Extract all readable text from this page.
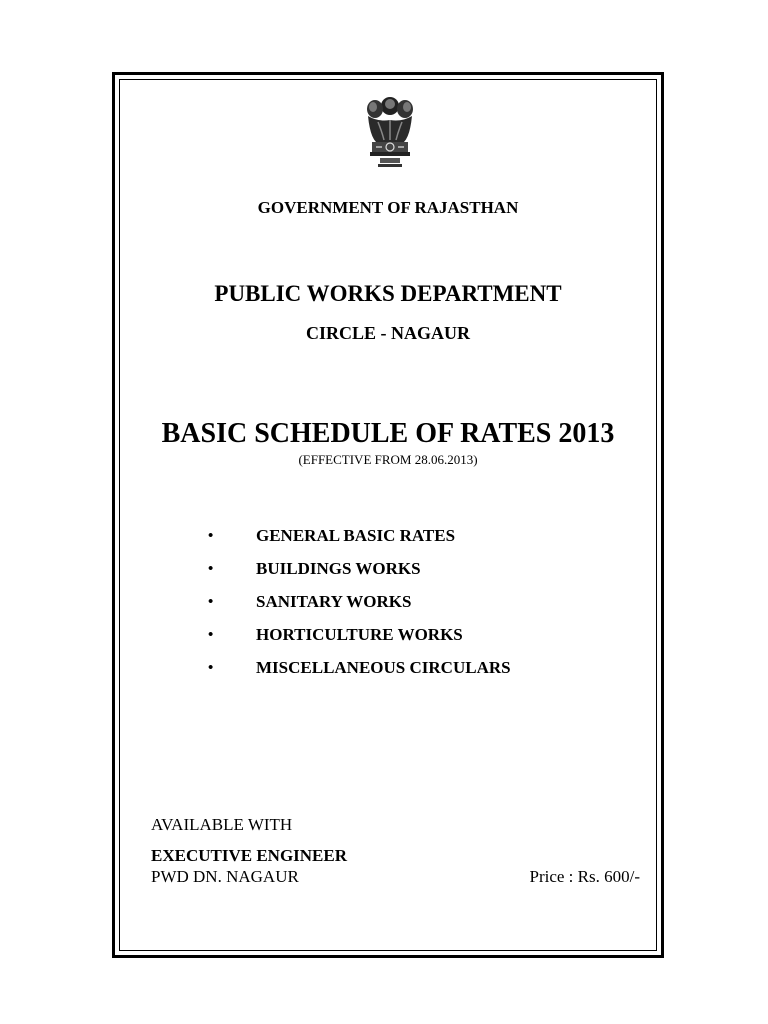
GOVERNMENT OF RAJASTHAN
PUBLIC WORKS DEPARTMENT
CIRCLE - NAGAUR
BASIC SCHEDULE OF RATES 2013
(EFFECTIVE FROM 28.06.2013)
•	GENERAL BASIC RATES
•	BUILDINGS WORKS
•	SANITARY WORKS
•	HORTICULTURE WORKS
•	MISCELLANEOUS CIRCULARS
AVAILABLE WITH
EXECUTIVE ENGINEER
PWD DN. NAGAUR	Price : Rs. 600/-
